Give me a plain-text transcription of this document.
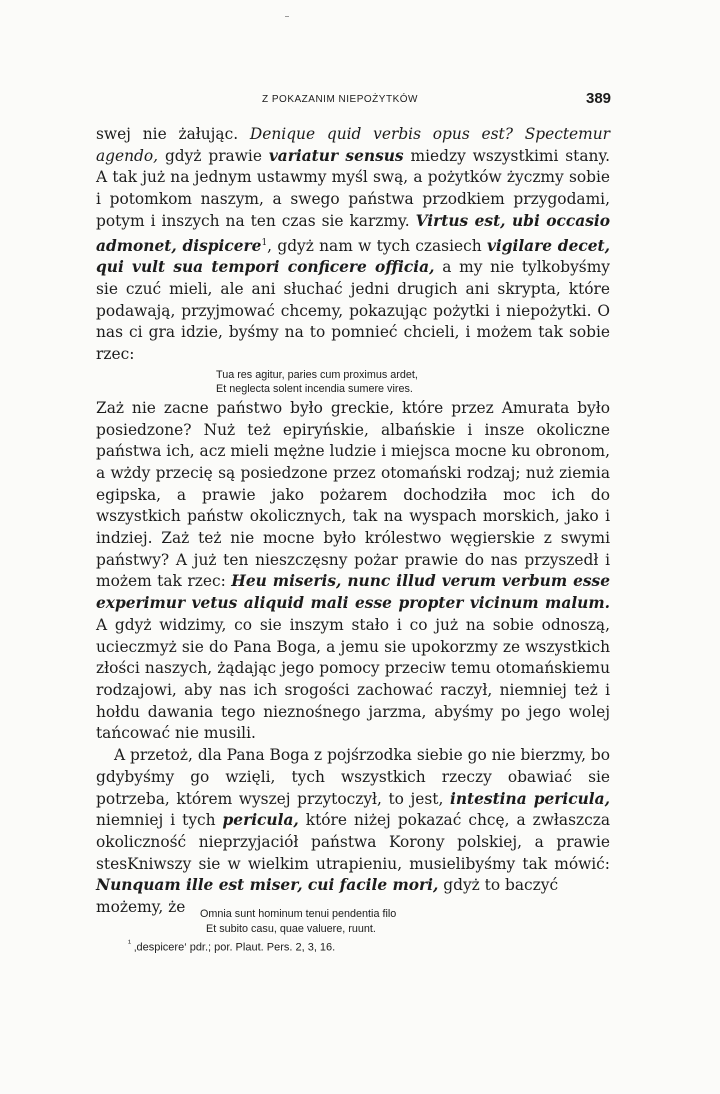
Z POKAZANIM NIEPOŻYTKÓW	389

swej nie żałując. Denique quid verbis opus est? Spectemur agendo, gdyż prawie variatur sensus miedzy wszystkimi stany. A tak już na jednym ustawmy myśl swą, a pożytków życzmy sobie i potomkom naszym, a swego państwa przodkiem przygodami, potym i inszych na ten czas sie karzmy. Virtus est, ubi occasio admonet, dispicere$^1$, gdyż nam w tych czasiech vigilare decet, qui vult sua tempori conficere officia, a my nie tylkobyśmy sie czuć mieli, ale ani słuchać jedni drugich ani skrypta, które podawają, przyjmować chcemy, pokazując pożytki i niepożytki. O nas ci gra idzie, byśmy na to pomnieć chcieli, i możem tak sobie rzec:

Tua res agitur, paries cum proximus ardet,
Et neglecta solent incendia sumere vires.

Zaż nie zacne państwo było greckie, które przez Amurata było posiedzone? Nuż też epiryńskie, albańskie i insze okoliczne państwa ich, acz mieli mężne ludzie i miejsca mocne ku obronom, a wżdy przecię są posiedzone przez otomański rodzaj; nuż ziemia egipska, a prawie jako pożarem dochodziła moc ich do wszystkich państw okolicznych, tak na wyspach morskich, jako i indziej. Zaż też nie mocne było królestwo węgierskie z swymi państwy? A już ten nieszczęsny pożar prawie do nas przyszedł i możem tak rzec: Heu miseris, nunc illud verum verbum esse experimur vetus aliquid mali esse propter vicinum malum. A gdyż widzimy, co sie inszym stało i co już na sobie odnoszą, ucieczmyż sie do Pana Boga, a jemu sie upokorzmy ze wszystkich złości naszych, żądając jego pomocy przeciw temu otomańskiemu rodzajowi, aby nas ich srogości zachować raczył, niemniej też i hołdu dawania tego nieznośnego jarzma, abyśmy po jego wolej tańcować nie musili.

A przetoż, dla Pana Boga z pojśrzodka siebie go nie bierzmy, bo gdybyśmy go wzięli, tych wszystkich rzeczy obawiać sie potrzeba, którem wyszej przytoczył, to jest, intestina pericula, niemniej i tych pericula, które niżej pokazać chcę, a zwłaszcza okoliczność nieprzyjaciół państwa Korony polskiej, a prawie stesKniwszy sie w wielkim utrapieniu, musielibyśmy tak mówić: Nunquam ille est miser, cui facile mori, gdyż to baczyć

możemy, że Omnia sunt hominum tenui pendentia filo
Et subito casu, quae valuere, ruunt.
$^{^1}$ ‚despicere‘ pdr.; por. Plaut. Pers. 2, 3, 16.
